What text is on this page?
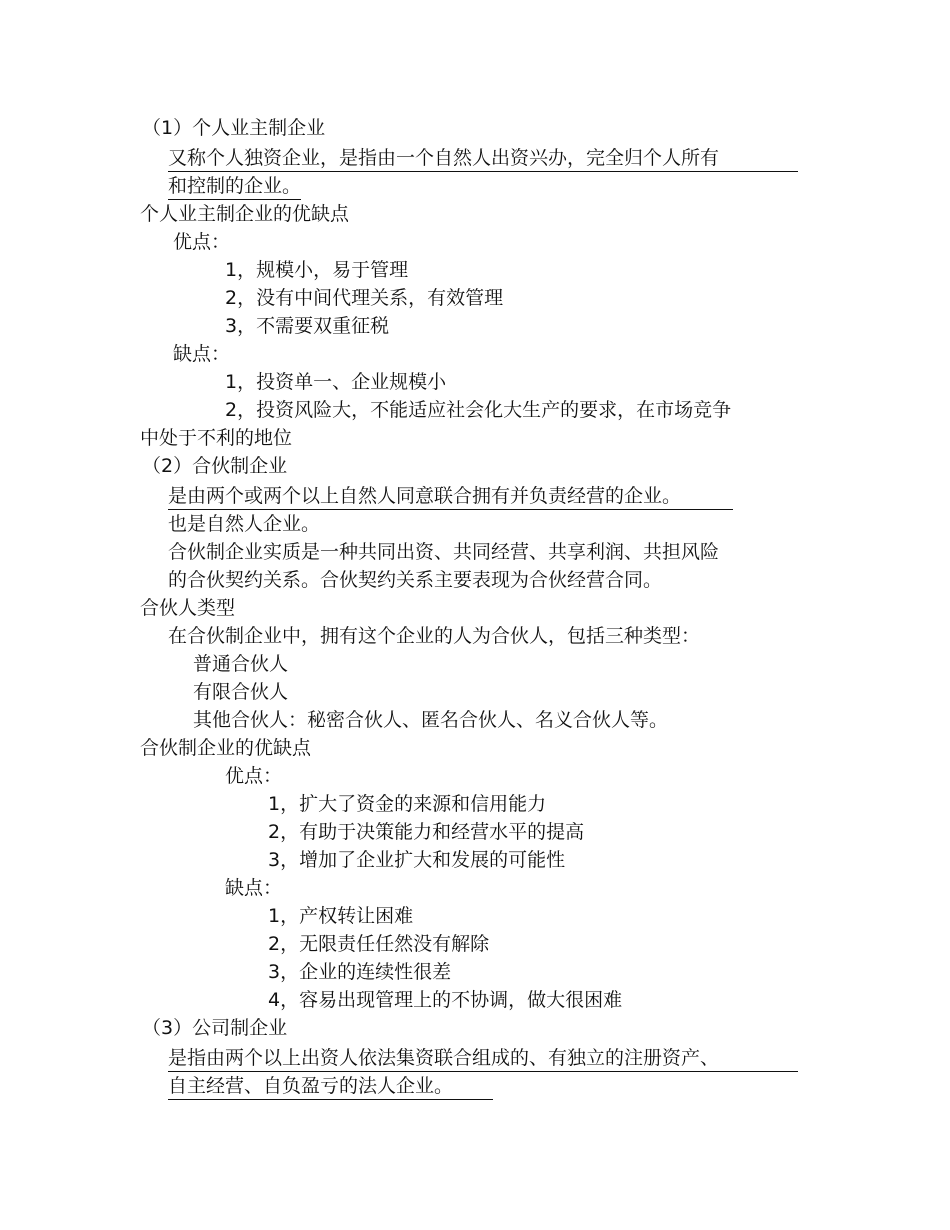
（1）个人业主制企业
又称个人独资企业，是指由一个自然人出资兴办，完全归个人所有
和控制的企业。
个人业主制企业的优缺点
优点：
1，规模小，易于管理
2，没有中间代理关系，有效管理
3，不需要双重征税
缺点：
1，投资单一、企业规模小
2，投资风险大，不能适应社会化大生产的要求，在市场竞争
中处于不利的地位
（2）合伙制企业
是由两个或两个以上自然人同意联合拥有并负责经营的企业。
也是自然人企业。
合伙制企业实质是一种共同出资、共同经营、共享利润、共担风险
的合伙契约关系。合伙契约关系主要表现为合伙经营合同。
合伙人类型
在合伙制企业中，拥有这个企业的人为合伙人，包括三种类型：
普通合伙人
有限合伙人
其他合伙人：秘密合伙人、匿名合伙人、名义合伙人等。
合伙制企业的优缺点
优点：
1，扩大了资金的来源和信用能力
2，有助于决策能力和经营水平的提高
3，增加了企业扩大和发展的可能性
缺点：
1，产权转让困难
2，无限责任任然没有解除
3，企业的连续性很差
4，容易出现管理上的不协调，做大很困难
（3）公司制企业
是指由两个以上出资人依法集资联合组成的、有独立的注册资产、
自主经营、自负盈亏的法人企业。
